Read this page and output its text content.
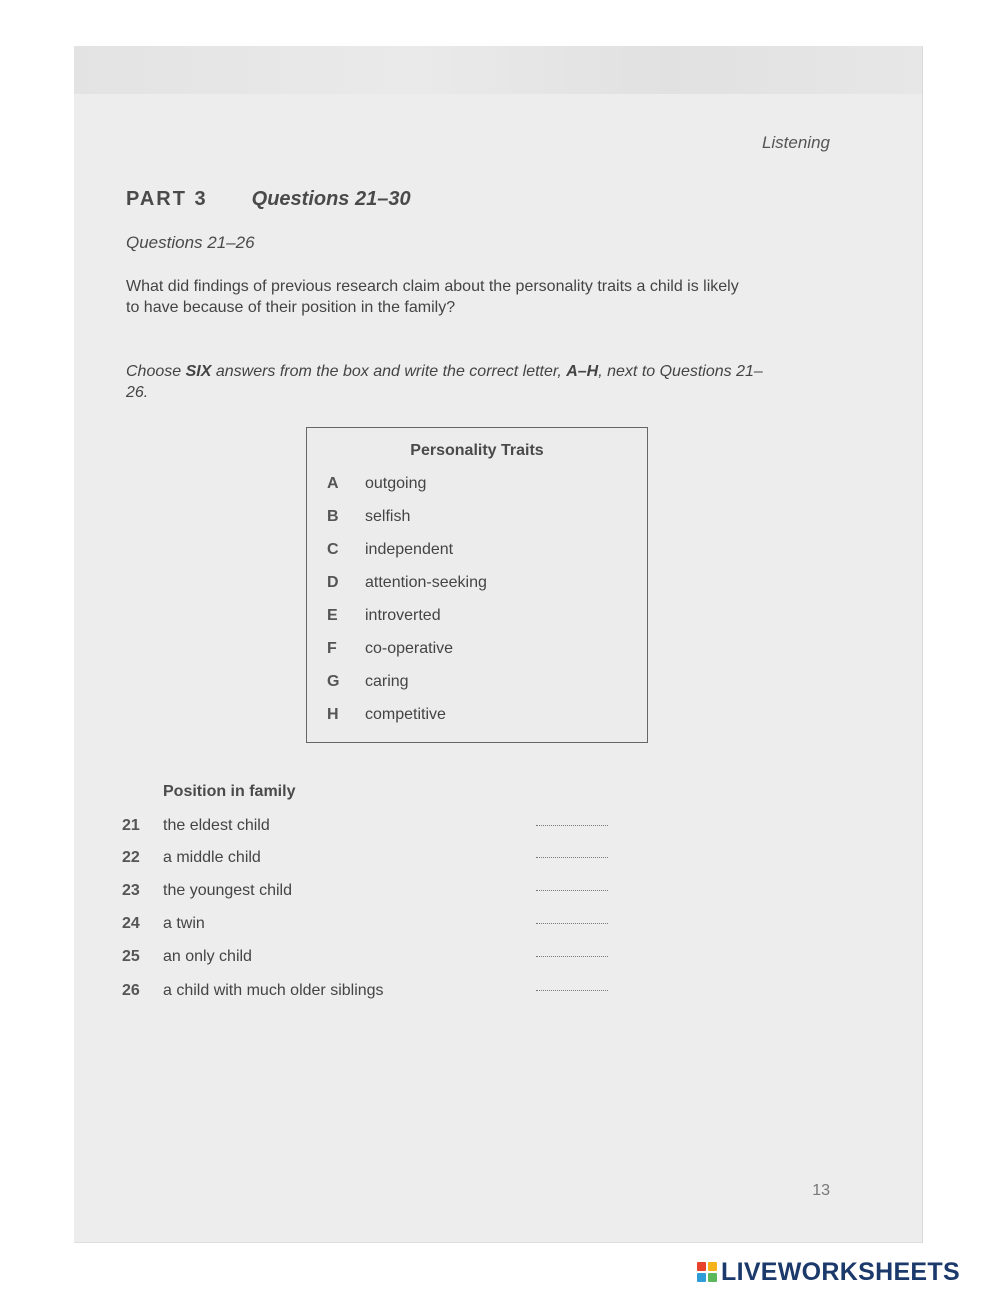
Listening
PART 3 Questions 21–30
Questions 21–26
What did findings of previous research claim about the personality traits a child is likely to have because of their position in the family?
Choose SIX answers from the box and write the correct letter, A–H, next to Questions 21–26.
Personality Traits
A outgoing
B selfish
C independent
D attention-seeking
E introverted
F co-operative
G caring
H competitive
Position in family
21 the eldest child
22 a middle child
23 the youngest child
24 a twin
25 an only child
26 a child with much older siblings
13
LIVEWORKSHEETS
